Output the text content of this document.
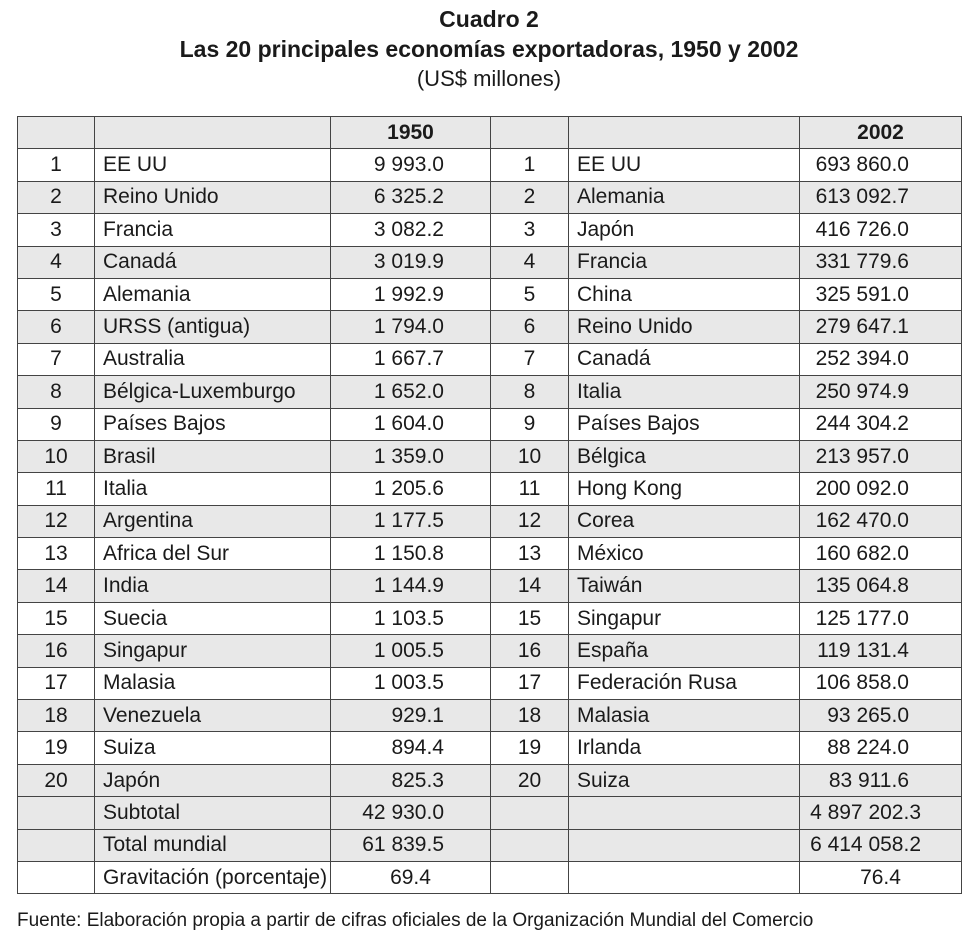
Cuadro 2
Las 20 principales economías exportadoras, 1950 y 2002
(US$ millones)
		1950			2002
1	EE UU	9 993.0	1	EE UU	693 860.0
2	Reino Unido	6 325.2	2	Alemania	613 092.7
3	Francia	3 082.2	3	Japón	416 726.0
4	Canadá	3 019.9	4	Francia	331 779.6
5	Alemania	1 992.9	5	China	325 591.0
6	URSS (antigua)	1 794.0	6	Reino Unido	279 647.1
7	Australia	1 667.7	7	Canadá	252 394.0
8	Bélgica-Luxemburgo	1 652.0	8	Italia	250 974.9
9	Países Bajos	1 604.0	9	Países Bajos	244 304.2
10	Brasil	1 359.0	10	Bélgica	213 957.0
11	Italia	1 205.6	11	Hong Kong	200 092.0
12	Argentina	1 177.5	12	Corea	162 470.0
13	Africa del Sur	1 150.8	13	México	160 682.0
14	India	1 144.9	14	Taiwán	135 064.8
15	Suecia	1 103.5	15	Singapur	125 177.0
16	Singapur	1 005.5	16	España	119 131.4
17	Malasia	1 003.5	17	Federación Rusa	106 858.0
18	Venezuela	929.1	18	Malasia	93 265.0
19	Suiza	894.4	19	Irlanda	88 224.0
20	Japón	825.3	20	Suiza	83 911.6
	Subtotal	42 930.0			4 897 202.3
	Total mundial	61 839.5			6 414 058.2
	Gravitación (porcentaje)	69.4			76.4
Fuente: Elaboración propia a partir de cifras oficiales de la Organización Mundial del Comercio
